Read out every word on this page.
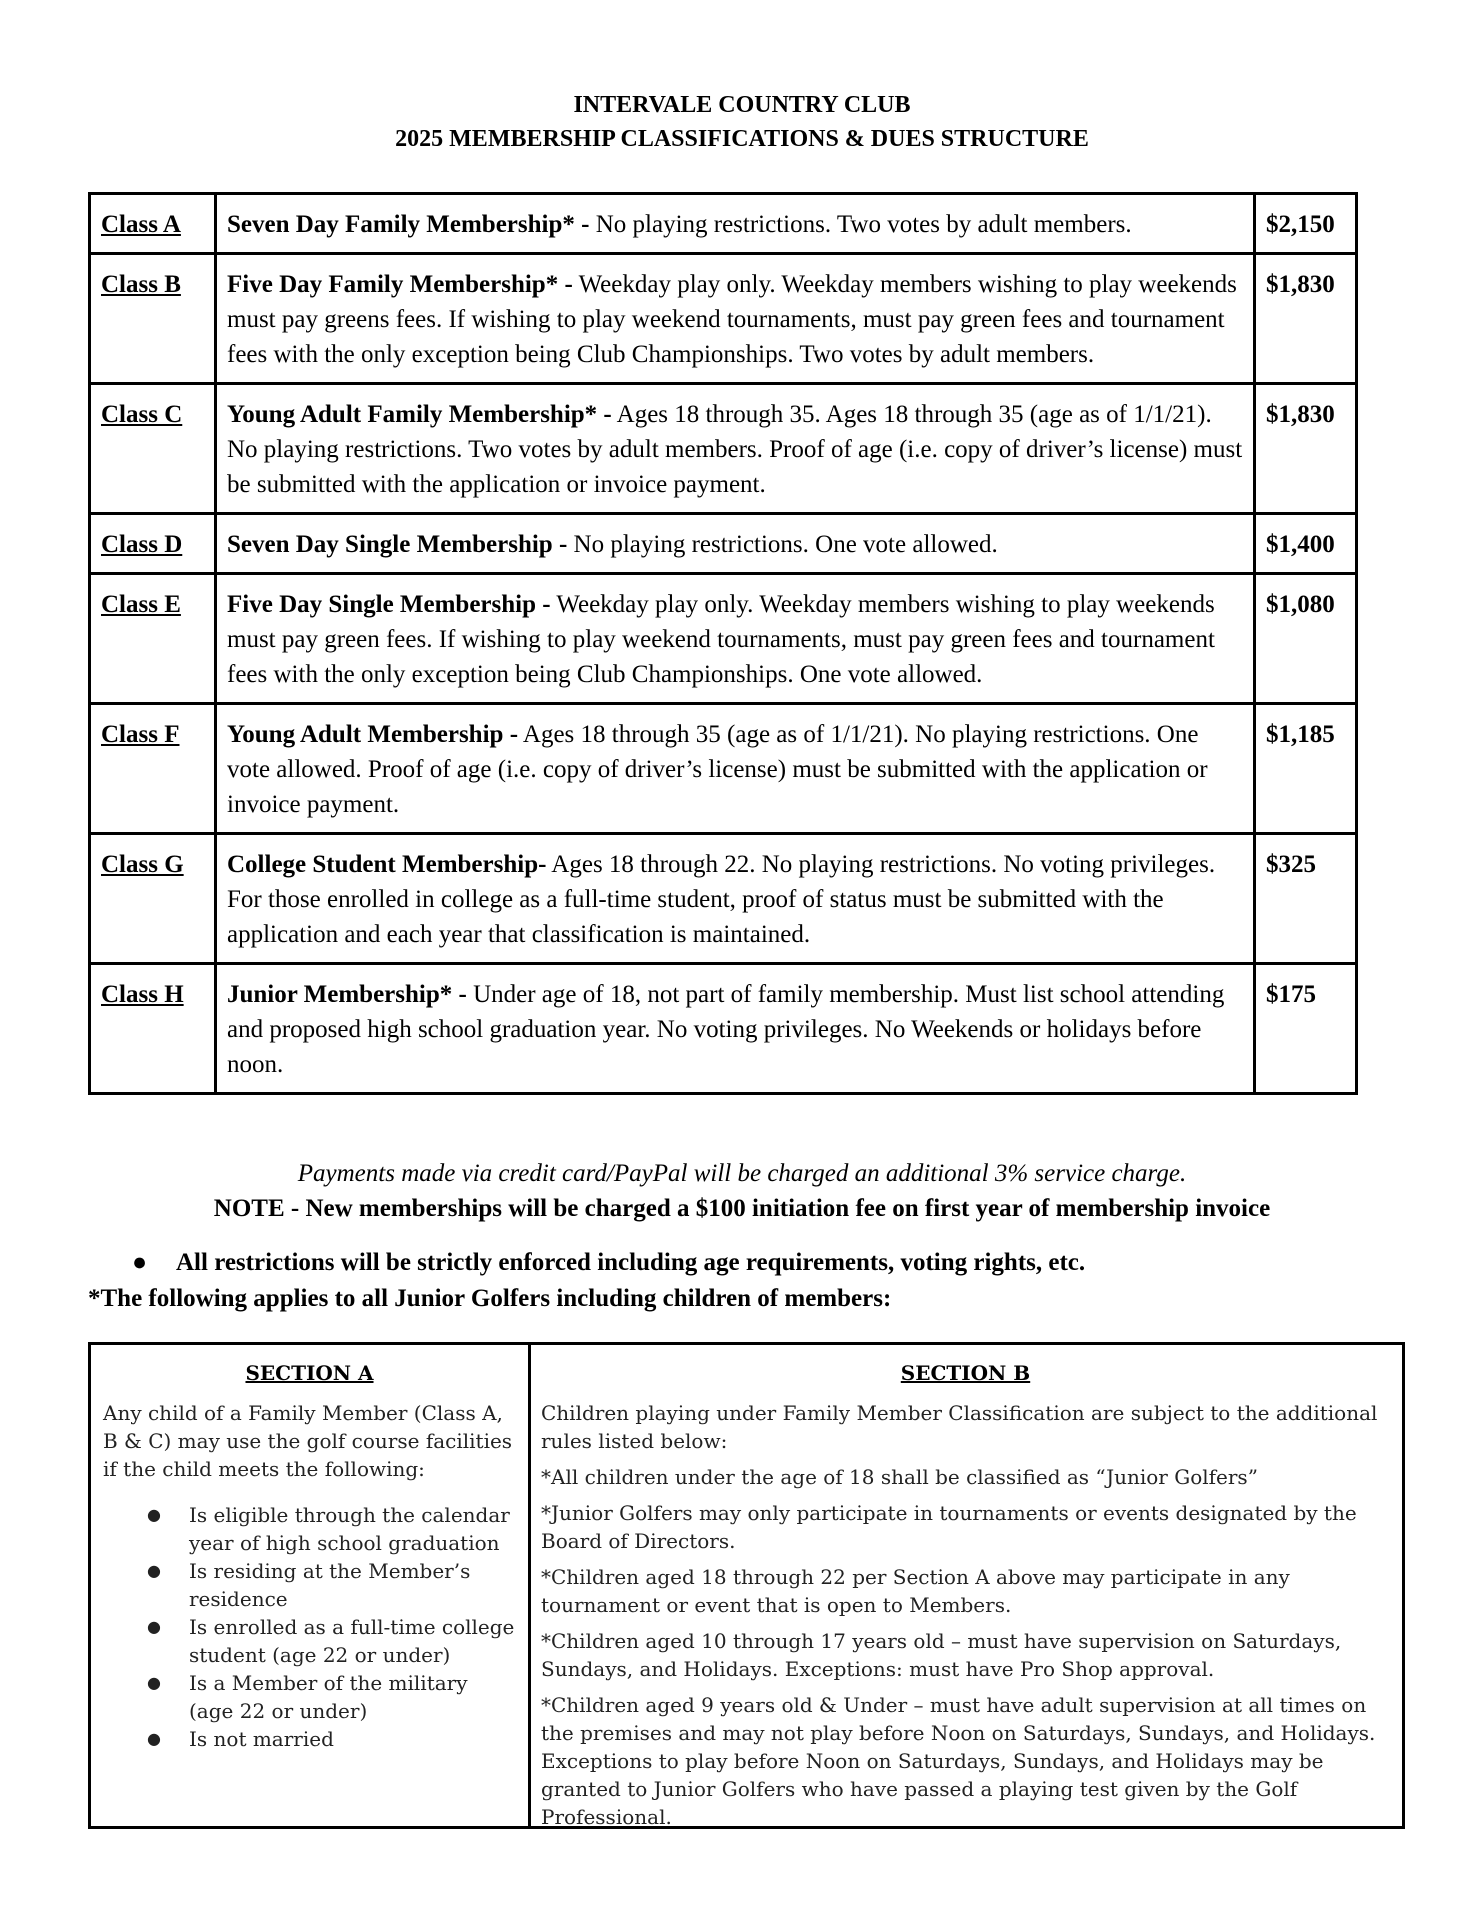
INTERVALE COUNTRY CLUB
2025 MEMBERSHIP CLASSIFICATIONS & DUES STRUCTURE
Class A	Seven Day Family Membership* - No playing restrictions. Two votes by adult members.	$2,150
Class B	Five Day Family Membership* - Weekday play only. Weekday members wishing to play weekends must pay greens fees. If wishing to play weekend tournaments, must pay green fees and tournament fees with the only exception being Club Championships. Two votes by adult members.	$1,830
Class C	Young Adult Family Membership* - Ages 18 through 35. Ages 18 through 35 (age as of 1/1/21). No playing restrictions. Two votes by adult members. Proof of age (i.e. copy of driver’s license) must be submitted with the application or invoice payment.	$1,830
Class D	Seven Day Single Membership - No playing restrictions. One vote allowed.	$1,400
Class E	Five Day Single Membership - Weekday play only. Weekday members wishing to play weekends must pay green fees. If wishing to play weekend tournaments, must pay green fees and tournament fees with the only exception being Club Championships. One vote allowed.	$1,080
Class F	Young Adult Membership - Ages 18 through 35 (age as of 1/1/21). No playing restrictions. One vote allowed. Proof of age (i.e. copy of driver’s license) must be submitted with the application or invoice payment.	$1,185
Class G	College Student Membership- Ages 18 through 22. No playing restrictions. No voting privileges. For those enrolled in college as a full-time student, proof of status must be submitted with the application and each year that classification is maintained.	$325
Class H	Junior Membership* - Under age of 18, not part of family membership. Must list school attending and proposed high school graduation year. No voting privileges. No Weekends or holidays before noon.	$175
Payments made via credit card/PayPal will be charged an additional 3% service charge.
NOTE - New memberships will be charged a $100 initiation fee on first year of membership invoice
● All restrictions will be strictly enforced including age requirements, voting rights, etc.
*The following applies to all Junior Golfers including children of members:
SECTION A

Any child of a Family Member (Class A, B & C) may use the golf course facilities if the child meets the following:

● Is eligible through the calendar year of high school graduation
● Is residing at the Member’s residence
● Is enrolled as a full-time college student (age 22 or under)
● Is a Member of the military (age 22 or under)
● Is not married
SECTION B

Children playing under Family Member Classification are subject to the additional rules listed below:

*All children under the age of 18 shall be classified as “Junior Golfers”

*Junior Golfers may only participate in tournaments or events designated by the Board of Directors.

*Children aged 18 through 22 per Section A above may participate in any tournament or event that is open to Members.

*Children aged 10 through 17 years old – must have supervision on Saturdays, Sundays, and Holidays. Exceptions: must have Pro Shop approval.

*Children aged 9 years old & Under – must have adult supervision at all times on the premises and may not play before Noon on Saturdays, Sundays, and Holidays. Exceptions to play before Noon on Saturdays, Sundays, and Holidays may be granted to Junior Golfers who have passed a playing test given by the Golf Professional.
